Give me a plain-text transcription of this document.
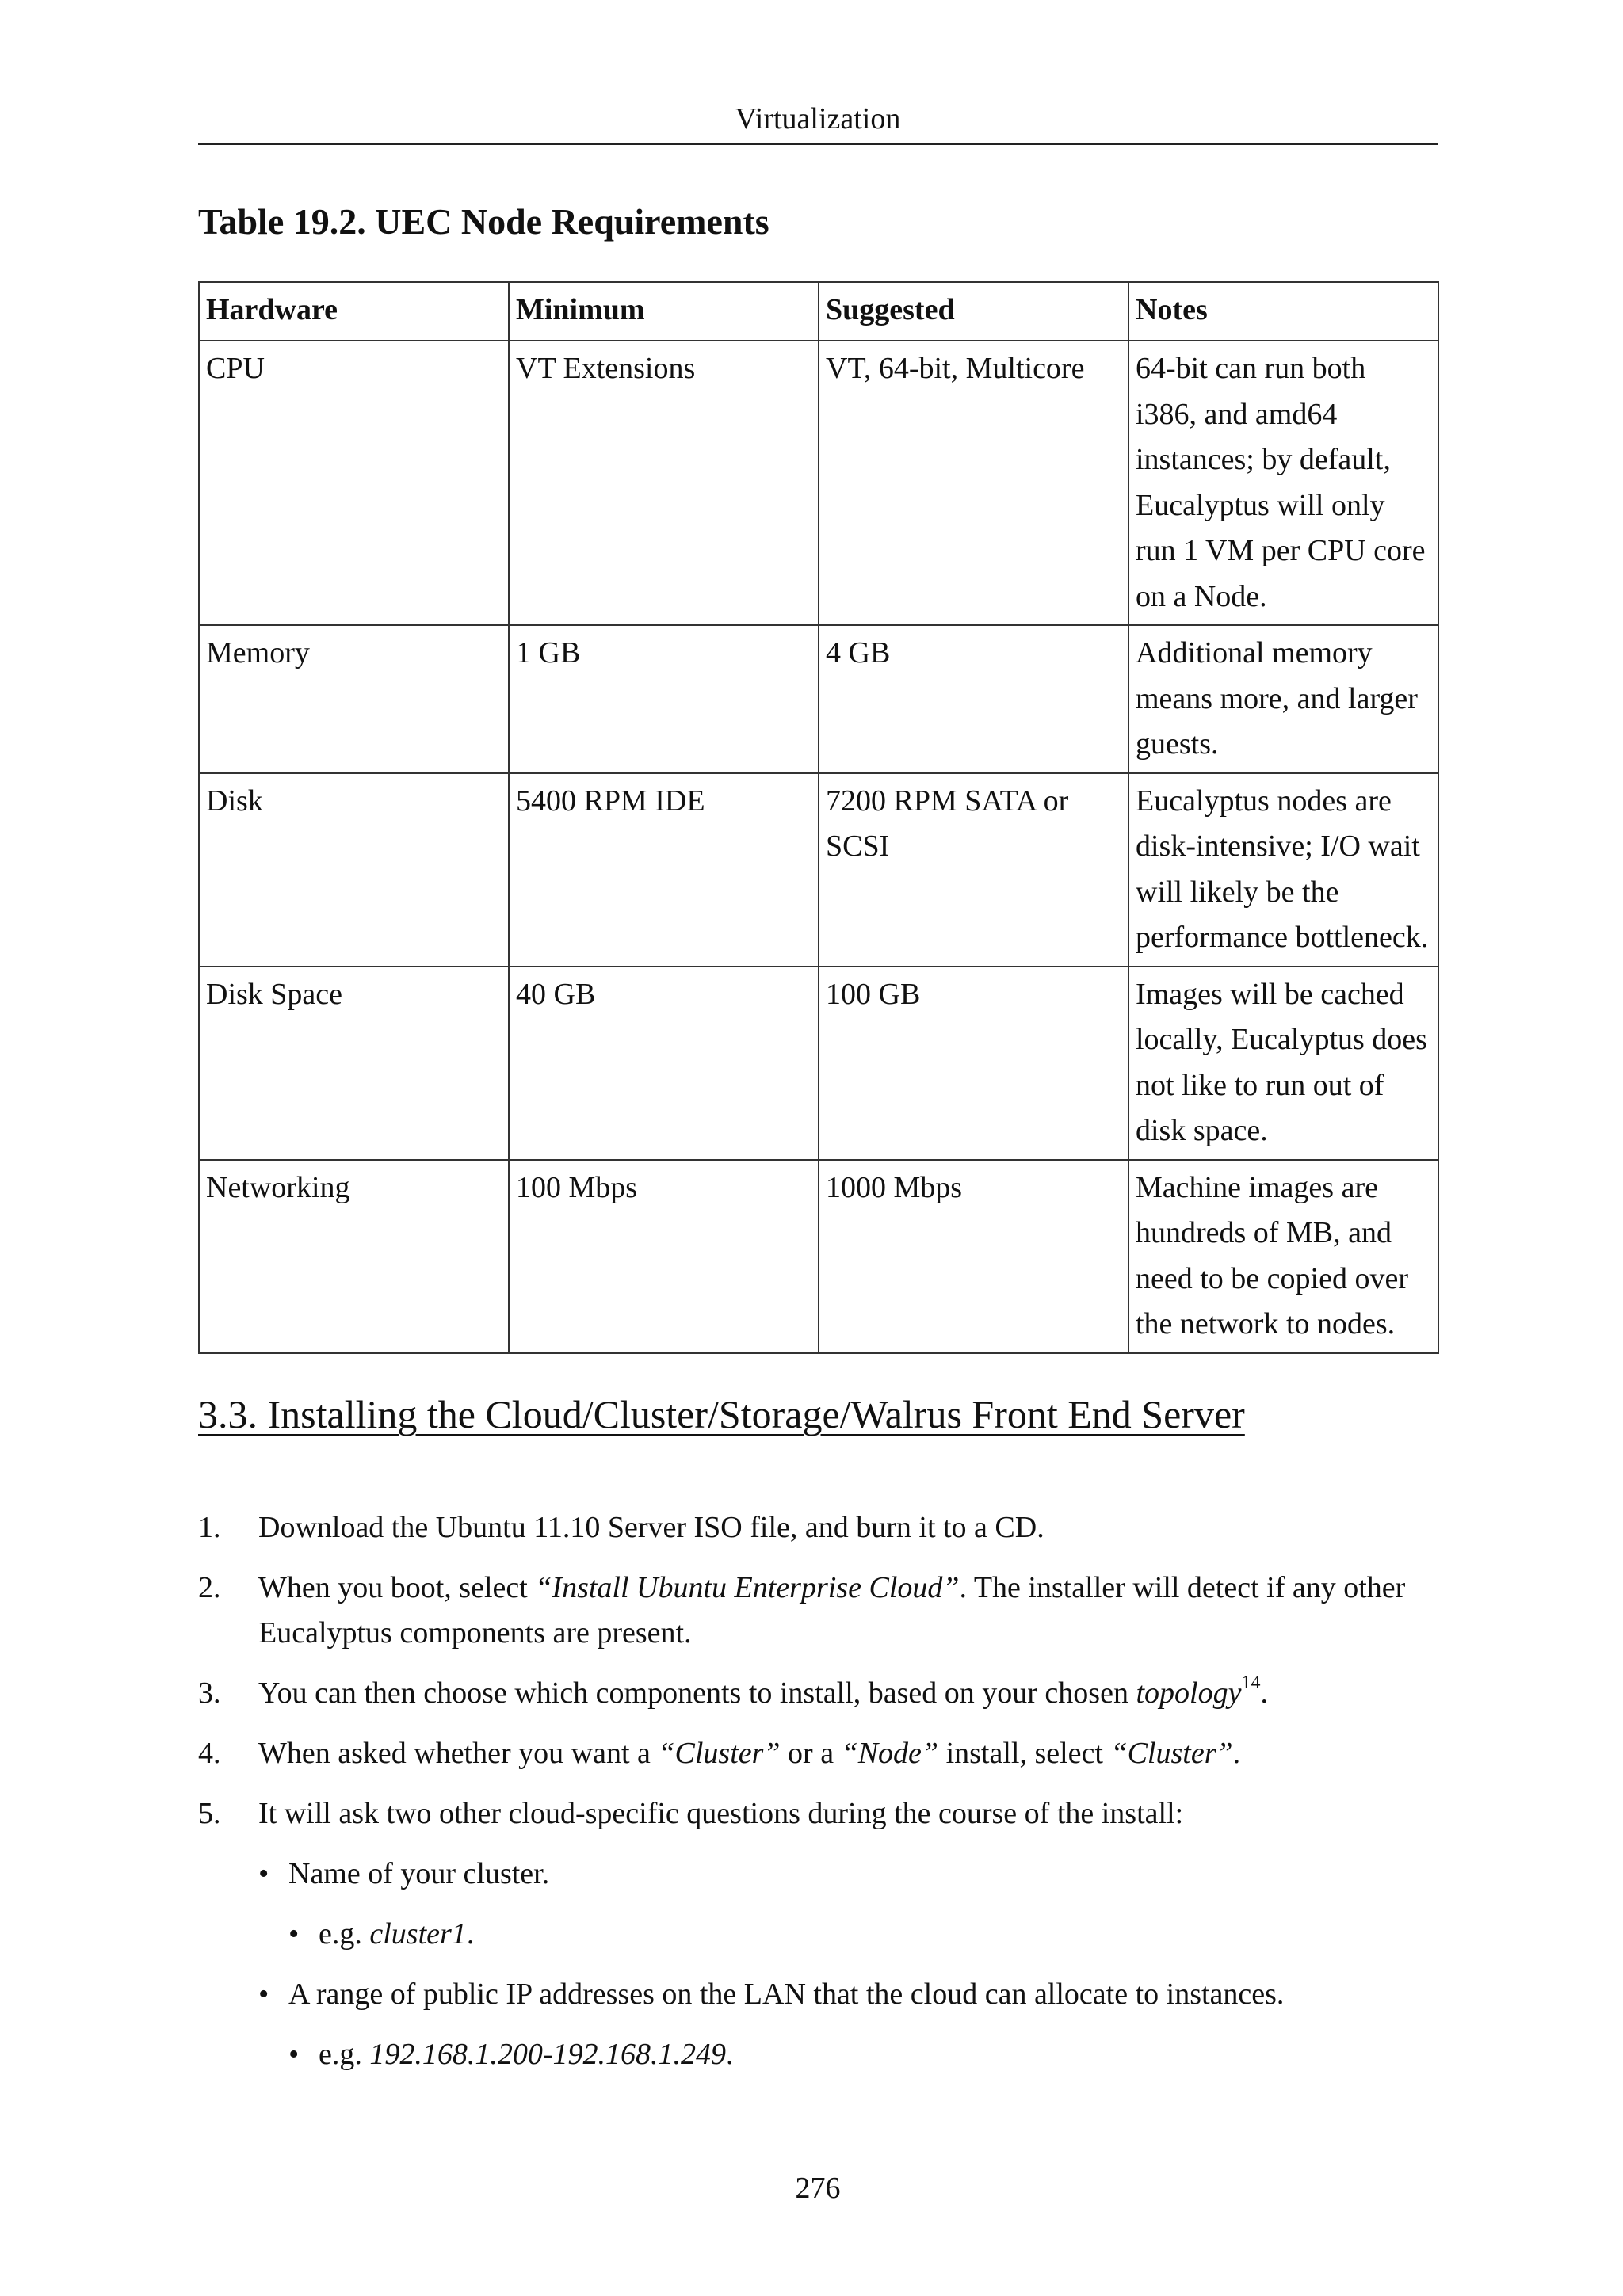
Virtualization
Table 19.2. UEC Node Requirements
Hardware	Minimum	Suggested	Notes
CPU	VT Extensions	VT, 64-bit, Multicore	64-bit can run both i386, and amd64 instances; by default, Eucalyptus will only run 1 VM per CPU core on a Node.
Memory	1 GB	4 GB	Additional memory means more, and larger guests.
Disk	5400 RPM IDE	7200 RPM SATA or SCSI	Eucalyptus nodes are disk-intensive; I/O wait will likely be the performance bottleneck.
Disk Space	40 GB	100 GB	Images will be cached locally, Eucalyptus does not like to run out of disk space.
Networking	100 Mbps	1000 Mbps	Machine images are hundreds of MB, and need to be copied over the network to nodes.
3.3. Installing the Cloud/Cluster/Storage/Walrus Front End Server
1. Download the Ubuntu 11.10 Server ISO file, and burn it to a CD.
2. When you boot, select “Install Ubuntu Enterprise Cloud”. The installer will detect if any other Eucalyptus components are present.
3. You can then choose which components to install, based on your chosen topology$^{14}$.
4. When asked whether you want a “Cluster” or a “Node” install, select “Cluster”.
5. It will ask two other cloud-specific questions during the course of the install:
• Name of your cluster.
• e.g. cluster1.
• A range of public IP addresses on the LAN that the cloud can allocate to instances.
• e.g. 192.168.1.200-192.168.1.249.
276
